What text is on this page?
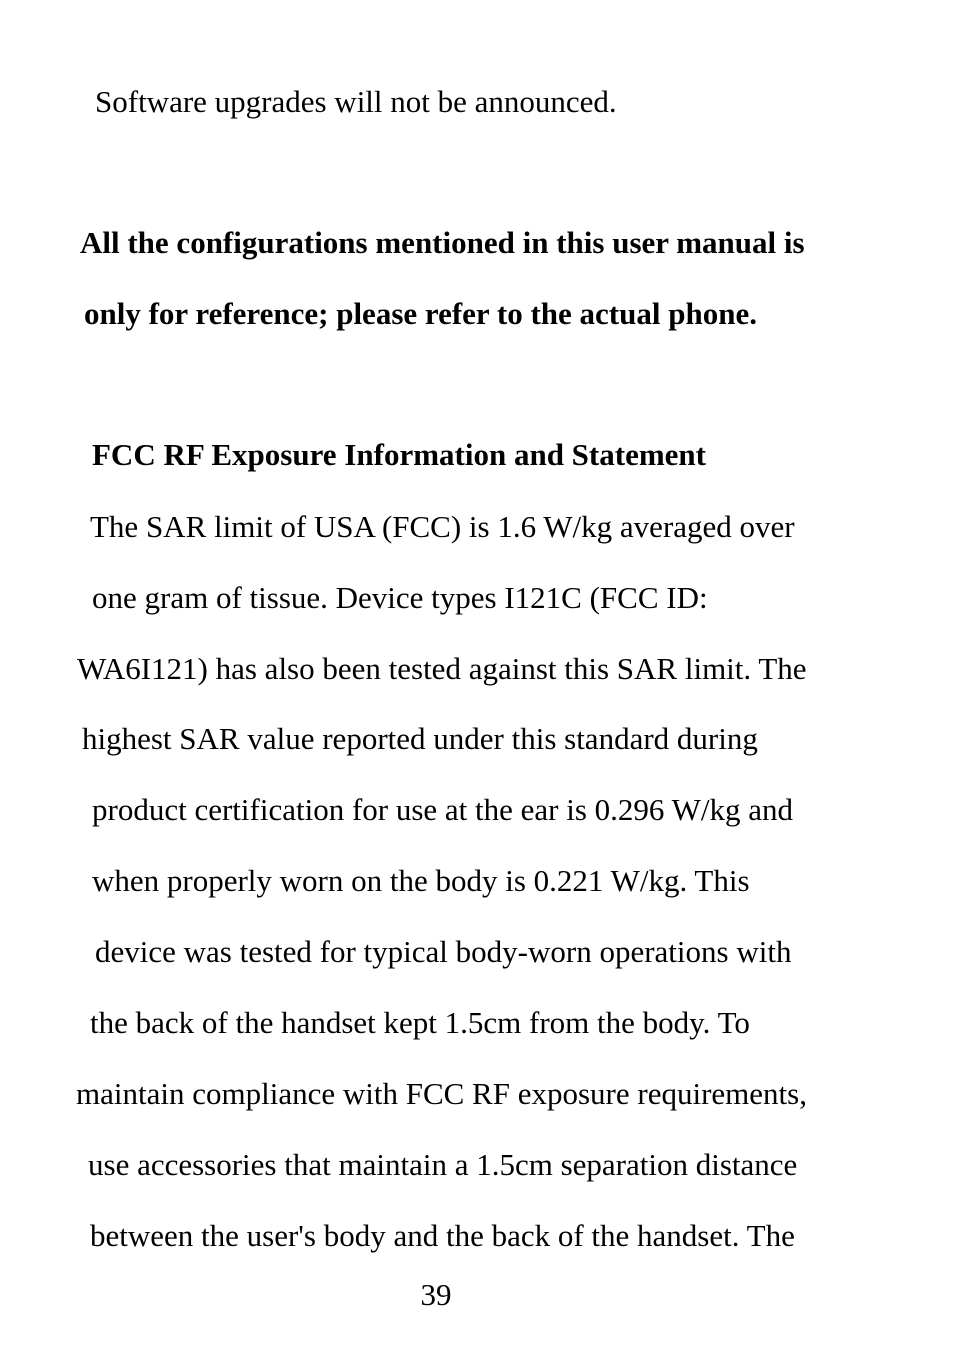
Software upgrades will not be announced.
All the configurations mentioned in this user manual is
only for reference; please refer to the actual phone.
FCC RF Exposure Information and Statement
The SAR limit of USA (FCC) is 1.6 W/kg averaged over
one gram of tissue. Device types I121C (FCC ID:
WA6I121) has also been tested against this SAR limit. The
highest SAR value reported under this standard during
product certification for use at the ear is 0.296 W/kg and
when properly worn on the body is 0.221 W/kg. This
device was tested for typical body-worn operations with
the back of the handset kept 1.5cm from the body. To
maintain compliance with FCC RF exposure requirements,
use accessories that maintain a 1.5cm separation distance
between the user's body and the back of the handset. The
39
